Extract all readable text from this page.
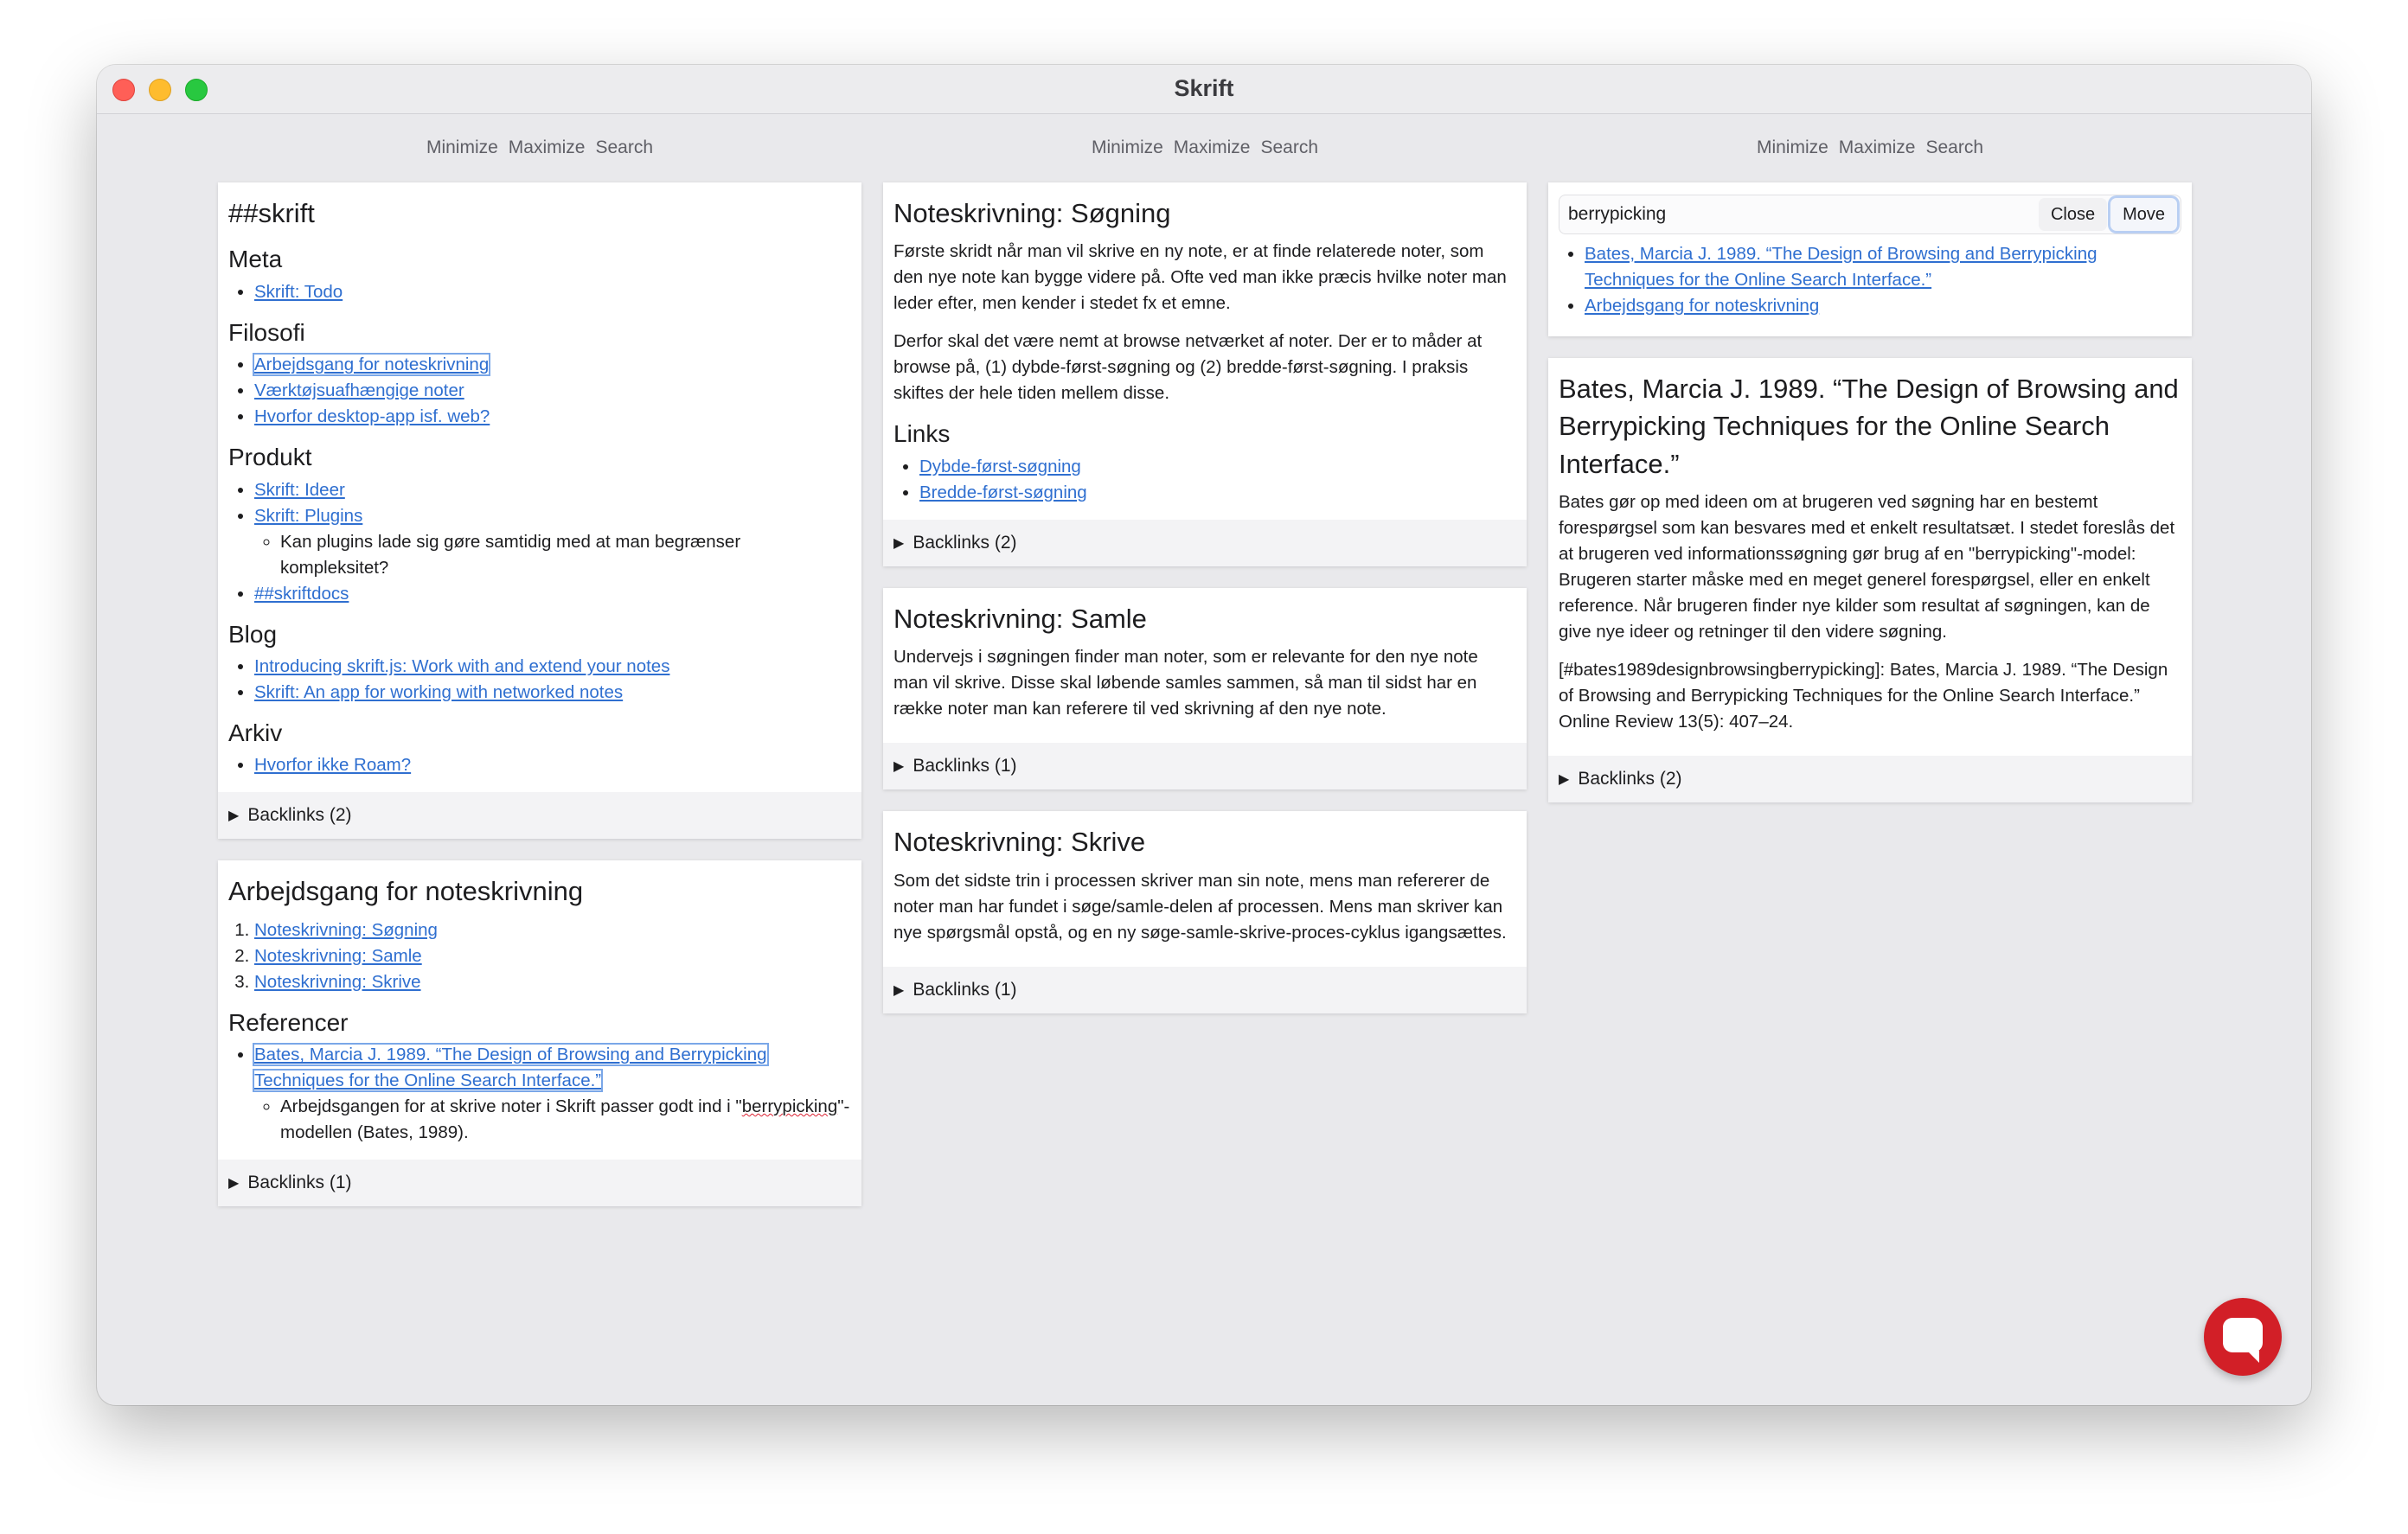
Skrift
Minimize Maximize Search
##skrift
Meta
• Skrift: Todo
Filosofi
• Arbejdsgang for noteskrivning
• Værktøjsuafhængige noter
• Hvorfor desktop-app isf. web?
Produkt
• Skrift: Ideer
• Skrift: Plugins
◦ Kan plugins lade sig gøre samtidig med at man begrænser kompleksitet?
• ##skriftdocs
Blog
• Introducing skrift.js: Work with and extend your notes
• Skrift: An app for working with networked notes
Arkiv
• Hvorfor ikke Roam?
▶ Backlinks (2)
Arbejdsgang for noteskrivning
1. Noteskrivning: Søgning
2. Noteskrivning: Samle
3. Noteskrivning: Skrive
Referencer
• Bates, Marcia J. 1989. “The Design of Browsing and Berrypicking Techniques for the Online Search Interface.”
◦ Arbejdsgangen for at skrive noter i Skrift passer godt ind i "berrypicking"-modellen (Bates, 1989).
▶ Backlinks (1)
Minimize Maximize Search
Noteskrivning: Søgning

Første skridt når man vil skrive en ny note, er at finde relaterede noter, som den nye note kan bygge videre på. Ofte ved man ikke præcis hvilke noter man leder efter, men kender i stedet fx et emne.

Derfor skal det være nemt at browse netværket af noter. Der er to måder at browse på, (1) dybde-først-søgning og (2) bredde-først-søgning. I praksis skiftes der hele tiden mellem disse.

Links
• Dybde-først-søgning
• Bredde-først-søgning
▶ Backlinks (2)
Noteskrivning: Samle

Undervejs i søgningen finder man noter, som er relevante for den nye note man vil skrive. Disse skal løbende samles sammen, så man til sidst har en række noter man kan referere til ved skrivning af den nye note.

▶ Backlinks (1)
Noteskrivning: Skrive

Som det sidste trin i processen skriver man sin note, mens man refererer de noter man har fundet i søge/samle-delen af processen. Mens man skriver kan nye spørgsmål opstå, og en ny søge-samle-skrive-proces-cyklus igangsættes.

▶ Backlinks (1)
Minimize Maximize Search
berrypicking
Close	Move
• Bates, Marcia J. 1989. “The Design of Browsing and Berrypicking Techniques for the Online Search Interface.”
• Arbejdsgang for noteskrivning
Bates, Marcia J. 1989. “The Design of Browsing and Berrypicking Techniques for the Online Search Interface.”

Bates gør op med ideen om at brugeren ved søgning har en bestemt forespørgsel som kan besvares med et enkelt resultatsæt. I stedet foreslås det at brugeren ved informationssøgning gør brug af en "berrypicking"-model: Brugeren starter måske med en meget generel forespørgsel, eller en enkelt reference. Når brugeren finder nye kilder som resultat af søgningen, kan de give nye ideer og retninger til den videre søgning.

[#bates1989designbrowsingberrypicking]: Bates, Marcia J. 1989. “The Design of Browsing and Berrypicking Techniques for the Online Search Interface.” Online Review 13(5): 407–24.

▶ Backlinks (2)
